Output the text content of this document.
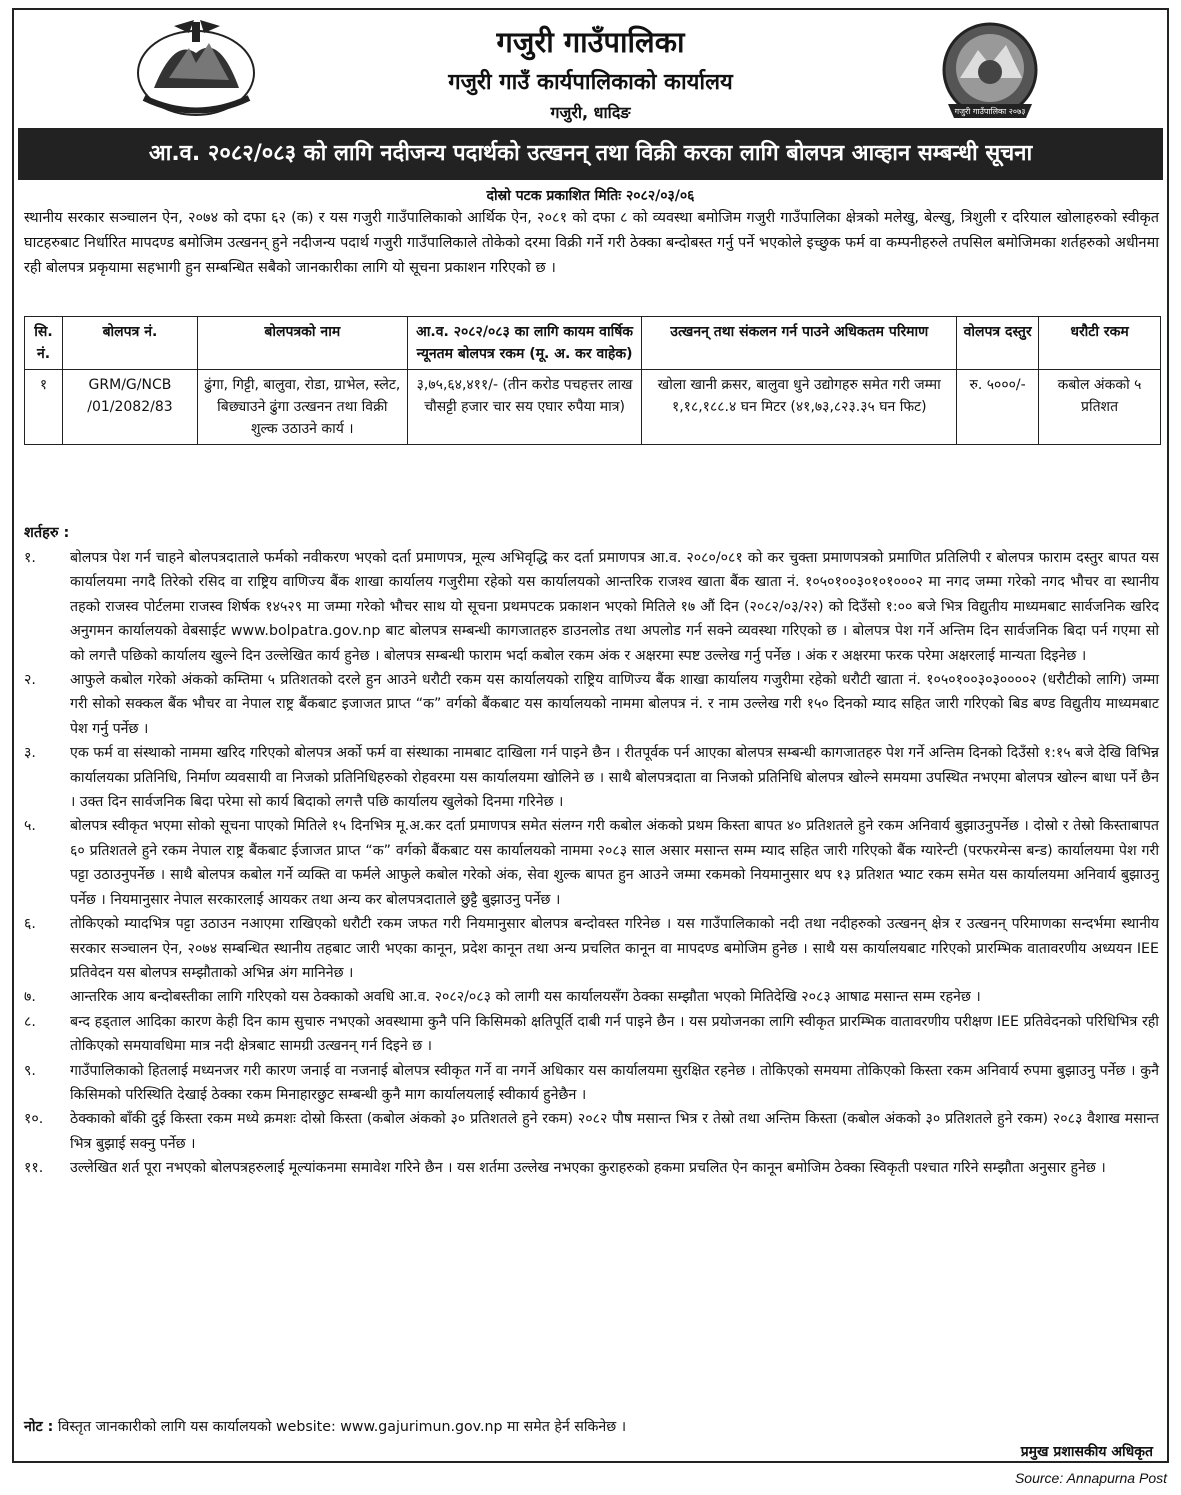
गजुरी गाउँपालिका
गजुरी गाउँ कार्यपालिकाको कार्यालय
गजुरी, धादिङ	गजुरी गाउँपालिका २०७३
आ.व. २०८२/०८३ को लागि नदीजन्य पदार्थको उत्खनन् तथा विक्री करका लागि बोलपत्र आव्हान सम्बन्धी सूचना
दोस्रो पटक प्रकाशित मितिः २०८२/०३/०६
स्थानीय सरकार सञ्चालन ऐन, २०७४ को दफा ६२ (क) र यस गजुरी गाउँपालिकाको आर्थिक ऐन, २०८१ को दफा ८ को व्यवस्था बमोजिम गजुरी गाउँपालिका क्षेत्रको मलेखु, बेल्खु, त्रिशुली र दरियाल खोलाहरुको स्वीकृत घाटहरुबाट निर्धारित मापदण्ड बमोजिम उत्खनन् हुने नदीजन्य पदार्थ गजुरी गाउँपालिकाले तोकेको दरमा विक्री गर्ने गरी ठेक्का बन्दोबस्त गर्नु पर्ने भएकोले इच्छुक फर्म वा कम्पनीहरुले तपसिल बमोजिमका शर्तहरुको अधीनमा रही बोलपत्र प्रकृयामा सहभागी हुन सम्बन्धित सबैको जानकारीका लागि यो सूचना प्रकाशन गरिएको छ ।
सि. नं.	बोलपत्र नं.	बोलपत्रको नाम	आ.व. २०८२/०८३ का लागि कायम वार्षिक न्यूनतम बोलपत्र रकम (मू. अ. कर वाहेक)	उत्खनन् तथा संकलन गर्न पाउने अधिकतम परिमाण	वोलपत्र दस्तुर	धरौटी रकम
१	GRM/G/NCB /01/2082/83	ढुंगा, गिट्टी, बालुवा, रोडा, ग्राभेल, स्लेट, बिछ्याउने ढुंगा उत्खनन तथा विक्री शुल्क उठाउने कार्य ।	३,७५,६४,४११/- (तीन करोड पचहत्तर लाख चौसट्टी हजार चार सय एघार रुपैया मात्र)	खोला खानी क्रसर, बालुवा धुने उद्योगहरु समेत गरी जम्मा १,१८,१८८.४ घन मिटर (४१,७३,८२३.३५ घन फिट)	रु. ५०००/-	कबोल अंकको ५ प्रतिशत
शर्तहरु :
१.	बोलपत्र पेश गर्न चाहने बोलपत्रदाताले फर्मको नवीकरण भएको दर्ता प्रमाणपत्र, मूल्य अभिवृद्धि कर दर्ता प्रमाणपत्र आ.व. २०८०/०८१ को कर चुक्ता प्रमाणपत्रको प्रमाणित प्रतिलिपी र बोलपत्र फाराम दस्तुर बापत यस कार्यालयमा नगदै तिरेको रसिद वा राष्ट्रिय वाणिज्य बैंक शाखा कार्यालय गजुरीमा रहेको यस कार्यालयको आन्तरिक राजश्व खाता बैंक खाता नं. १०५०१००३०१०१०००२ मा नगद जम्मा गरेको नगद भौचर वा स्थानीय तहको राजस्व पोर्टलमा राजस्व शिर्षक १४५२९ मा जम्मा गरेको भौचर साथ यो सूचना प्रथमपटक प्रकाशन भएको मितिले १७ औं दिन (२०८२/०३/२२) को दिउँसो १:०० बजे भित्र विद्युतीय माध्यमबाट सार्वजनिक खरिद अनुगमन कार्यालयको वेबसाईट www.bolpatra.gov.np बाट बोलपत्र सम्बन्धी कागजातहरु डाउनलोड तथा अपलोड गर्न सक्ने व्यवस्था गरिएको छ । बोलपत्र पेश गर्ने अन्तिम दिन सार्वजनिक बिदा पर्न गएमा सो को लगत्तै पछिको कार्यालय खुल्ने दिन उल्लेखित कार्य हुनेछ । बोलपत्र सम्बन्धी फाराम भर्दा कबोल रकम अंक र अक्षरमा स्पष्ट उल्लेख गर्नु पर्नेछ । अंक र अक्षरमा फरक परेमा अक्षरलाई मान्यता दिइनेछ ।
२.	आफुले कबोल गरेको अंकको कम्तिमा ५ प्रतिशतको दरले हुन आउने धरौटी रकम यस कार्यालयको राष्ट्रिय वाणिज्य बैंक शाखा कार्यालय गजुरीमा रहेको धरौटी खाता नं. १०५०१००३०३००००२ (धरौटीको लागि) जम्मा गरी सोको सक्कल बैंक भौचर वा नेपाल राष्ट्र बैंकबाट इजाजत प्राप्त “क” वर्गको बैंकबाट यस कार्यालयको नाममा बोलपत्र नं. र नाम उल्लेख गरी १५० दिनको म्याद सहित जारी गरिएको बिड बण्ड विद्युतीय माध्यमबाट पेश गर्नु पर्नेछ ।
३.	एक फर्म वा संस्थाको नाममा खरिद गरिएको बोलपत्र अर्को फर्म वा संस्थाका नामबाट दाखिला गर्न पाइने छैन । रीतपूर्वक पर्न आएका बोलपत्र सम्बन्धी कागजातहरु पेश गर्ने अन्तिम दिनको दिउँसो १:१५ बजे देखि विभिन्न कार्यालयका प्रतिनिधि, निर्माण व्यवसायी वा निजको प्रतिनिधिहरुको रोहवरमा यस कार्यालयमा खोलिने छ । साथै बोलपत्रदाता वा निजको प्रतिनिधि बोलपत्र खोल्ने समयमा उपस्थित नभएमा बोलपत्र खोल्न बाधा पर्ने छैन । उक्त दिन सार्वजनिक बिदा परेमा सो कार्य बिदाको लगत्तै पछि कार्यालय खुलेको दिनमा गरिनेछ ।
५.	बोलपत्र स्वीकृत भएमा सोको सूचना पाएको मितिले १५ दिनभित्र मू.अ.कर दर्ता प्रमाणपत्र समेत संलग्न गरी कबोल अंकको प्रथम किस्ता बापत ४० प्रतिशतले हुने रकम अनिवार्य बुझाउनुपर्नेछ । दोस्रो र तेस्रो किस्ताबापत ६० प्रतिशतले हुने रकम नेपाल राष्ट्र बैंकबाट ईजाजत प्राप्त “क” वर्गको बैंकबाट यस कार्यालयको नाममा २०८३ साल असार मसान्त सम्म म्याद सहित जारी गरिएको बैंक ग्यारेन्टी (परफरमेन्स बन्ड) कार्यालयमा पेश गरी पट्टा उठाउनुपर्नेछ । साथै बोलपत्र कबोल गर्ने व्यक्ति वा फर्मले आफुले कबोल गरेको अंक, सेवा शुल्क बापत हुन आउने जम्मा रकमको नियमानुसार थप १३ प्रतिशत भ्याट रकम समेत यस कार्यालयमा अनिवार्य बुझाउनु पर्नेछ । नियमानुसार नेपाल सरकारलाई आयकर तथा अन्य कर बोलपत्रदाताले छुट्टै बुझाउनु पर्नेछ ।
६.	तोकिएको म्यादभित्र पट्टा उठाउन नआएमा राखिएको धरौटी रकम जफत गरी नियमानुसार बोलपत्र बन्दोवस्त गरिनेछ । यस गाउँपालिकाको नदी तथा नदीहरुको उत्खनन् क्षेत्र र उत्खनन् परिमाणका सन्दर्भमा स्थानीय सरकार सञ्चालन ऐन, २०७४ सम्बन्धित स्थानीय तहबाट जारी भएका कानून, प्रदेश कानून तथा अन्य प्रचलित कानून वा मापदण्ड बमोजिम हुनेछ । साथै यस कार्यालयबाट गरिएको प्रारम्भिक वातावरणीय अध्ययन IEE प्रतिवेदन यस बोलपत्र सम्झौताको अभिन्न अंग मानिनेछ ।
७.	आन्तरिक आय बन्दोबस्तीका लागि गरिएको यस ठेक्काको अवधि आ.व. २०८२/०८३ को लागी यस कार्यालयसँग ठेक्का सम्झौता भएको मितिदेखि २०८३ आषाढ मसान्त सम्म रहनेछ ।
८.	बन्द हड्ताल आदिका कारण केही दिन काम सुचारु नभएको अवस्थामा कुनै पनि किसिमको क्षतिपूर्ति दाबी गर्न पाइने छैन । यस प्रयोजनका लागि स्वीकृत प्रारम्भिक वातावरणीय परीक्षण IEE प्रतिवेदनको परिधिभित्र रही तोकिएको समयावधिमा मात्र नदी क्षेत्रबाट सामग्री उत्खनन् गर्न दिइने छ ।
९.	गाउँपालिकाको हितलाई मध्यनजर गरी कारण जनाई वा नजनाई बोलपत्र स्वीकृत गर्ने वा नगर्ने अधिकार यस कार्यालयमा सुरक्षित रहनेछ । तोकिएको समयमा तोकिएको किस्ता रकम अनिवार्य रुपमा बुझाउनु पर्नेछ । कुनै किसिमको परिस्थिति देखाई ठेक्का रकम मिनाहारछुट सम्बन्धी कुनै माग कार्यालयलाई स्वीकार्य हुनेछैन ।
१०.	ठेक्काको बाँकी दुई किस्ता रकम मध्ये क्रमशः दोस्रो किस्ता (कबोल अंकको ३० प्रतिशतले हुने रकम) २०८२ पौष मसान्त भित्र र तेस्रो तथा अन्तिम किस्ता (कबोल अंकको ३० प्रतिशतले हुने रकम) २०८३ वैशाख मसान्त भित्र बुझाई सक्नु पर्नेछ ।
११.	उल्लेखित शर्त पूरा नभएको बोलपत्रहरुलाई मूल्यांकनमा समावेश गरिने छैन । यस शर्तमा उल्लेख नभएका कुराहरुको हकमा प्रचलित ऐन कानून बमोजिम ठेक्का स्विकृती पश्चात गरिने सम्झौता अनुसार हुनेछ ।
नोट : विस्तृत जानकारीको लागि यस कार्यालयको website: www.gajurimun.gov.np मा समेत हेर्न सकिनेछ ।
प्रमुख प्रशासकीय अधिकृत
Source: Annapurna Post
